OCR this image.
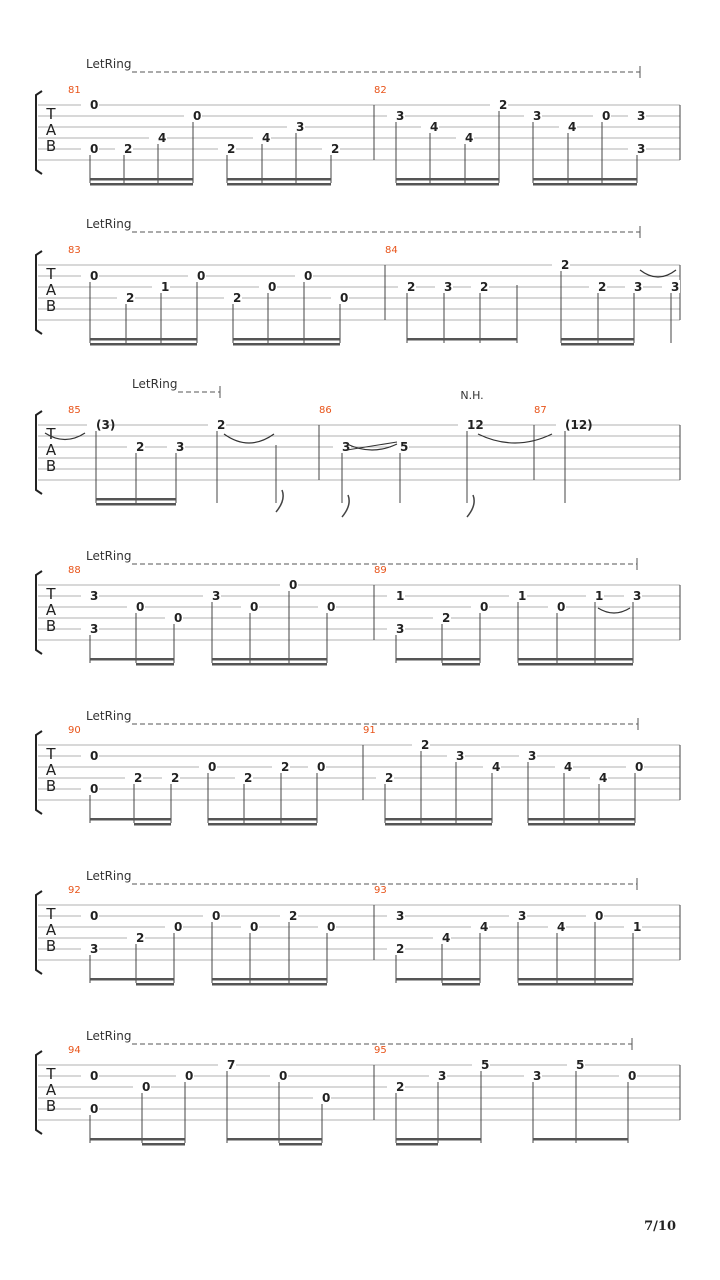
LetRing
T
A
B
81
0
0 2
4
0
2
4
3
2
82
3
4
4
2
3
4
0 3
3
LetRing
T
A
B
83
0
2
1
0
2
0
0
0
84
2 3 2
2
2 3 3
LetRing
T
A
B
85
(3)
2	3
2
86
3	5
12
87
(12)
LetRing
T
A
B
88
3
3
0
0
3
0
0
0
89
1
3
2
0
1
0
1 3
LetRing
T
A
B
90
0
0
2 2
0
2
2 0
91
2
2
3
4
3
4
4
0
LetRing
T
A
B
92
0
3
2
0
0
0
2
0
93
3
2
4
4
3
4
0
1
LetRing
T
A
B
94
0
0
0
0
7
0
0
95
2
3
5
3
5
0
N.H.
7/10
